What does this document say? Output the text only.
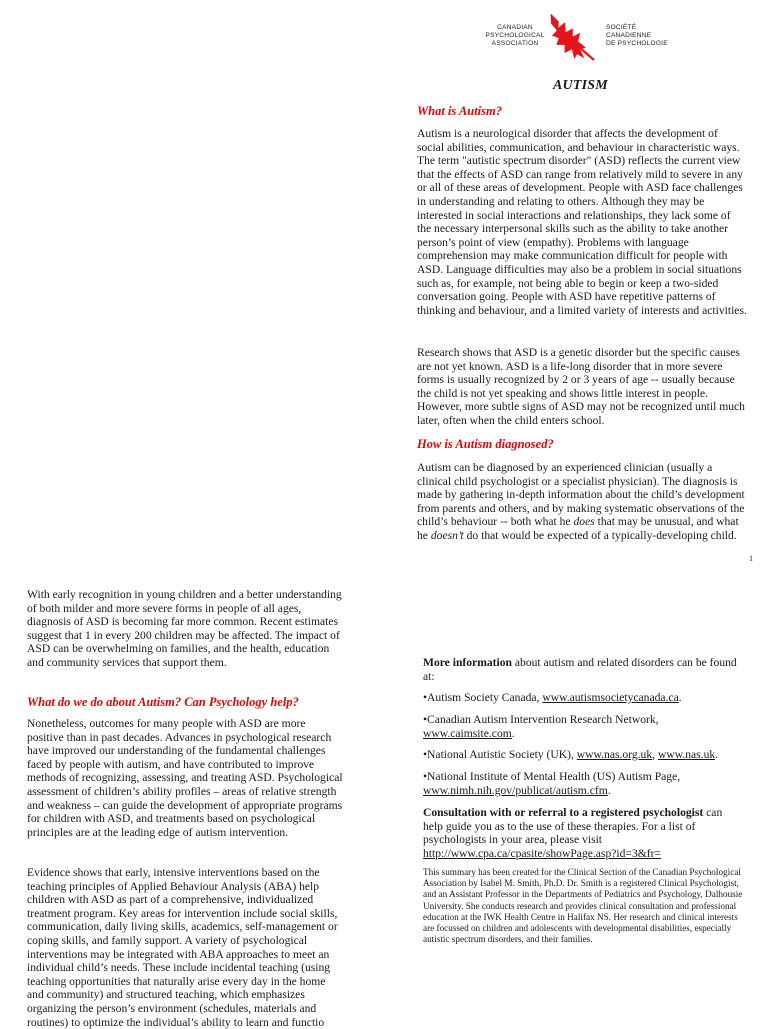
CANADIAN
PSYCHOLOGICAL
ASSOCIATION
SOCIÉTÉ
CANADIENNE
DE PSYCHOLOGIE
AUTISM
What is Autism?

Autism is a neurological disorder that affects the development of social abilities, communication, and behaviour in characteristic ways. The term "autistic spectrum disorder" (ASD) reflects the current view that the effects of ASD can range from relatively mild to severe in any or all of these areas of development. People with ASD face challenges in understanding and relating to others. Although they may be interested in social interactions and relationships, they lack some of the necessary interpersonal skills such as the ability to take another person’s point of view (empathy). Problems with language comprehension may make communication difficult for people with ASD. Language difficulties may also be a problem in social situations such as, for example, not being able to begin or keep a two-sided conversation going. People with ASD have repetitive patterns of thinking and behaviour, and a limited variety of interests and activities.

Research shows that ASD is a genetic disorder but the specific causes are not yet known. ASD is a life-long disorder that in more severe forms is usually recognized by 2 or 3 years of age -- usually because the child is not yet speaking and shows little interest in people. However, more subtle signs of ASD may not be recognized until much later, often when the child enters school.

How is Autism diagnosed?

Autism can be diagnosed by an experienced clinician (usually a clinical child psychologist or a specialist physician). The diagnosis is made by gathering in-depth information about the child’s development from parents and others, and by making systematic observations of the child’s behaviour -- both what he does that may be unusual, and what he doesn’t do that would be expected of a typically-developing child.

1

With early recognition in young children and a better understanding of both milder and more severe forms in people of all ages, diagnosis of ASD is becoming far more common. Recent estimates suggest that 1 in every 200 children may be affected. The impact of ASD can be overwhelming on families, and the health, education and community services that support them.

What do we do about Autism? Can Psychology help?

Nonetheless, outcomes for many people with ASD are more positive than in past decades. Advances in psychological research have improved our understanding of the fundamental challenges faced by people with autism, and have contributed to improve methods of recognizing, assessing, and treating ASD. Psychological assessment of children’s ability profiles – areas of relative strength and weakness – can guide the development of appropriate programs for children with ASD, and treatments based on psychological principles are at the leading edge of autism intervention.

Evidence shows that early, intensive interventions based on the teaching principles of Applied Behaviour Analysis (ABA) help children with ASD as part of a comprehensive, individualized treatment program. Key areas for intervention include social skills, communication, daily living skills, academics, self-management or coping skills, and family support. A variety of psychological interventions may be integrated with ABA approaches to meet an individual child’s needs. These include incidental teaching (using teaching opportunities that naturally arise every day in the home and community) and structured teaching, which emphasizes organizing the person’s environment (schedules, materials and routines) to optimize the individual’s ability to learn and functio

More information about autism and related disorders can be found at:

•Autism Society Canada, www.autismsocietycanada.ca.

•Canadian Autism Intervention Research Network, www.caimsite.com.

•National Autistic Society (UK), www.nas.org.uk, www.nas.uk.

•National Institute of Mental Health (US) Autism Page, www.nimh.nih.gov/publicat/autism.cfm.

Consultation with or referral to a registered psychologist can help guide you as to the use of these therapies. For a list of psychologists in your area, please visit
http://www.cpa.ca/cpasite/showPage.asp?id=3&fr=

This summary has been created for the Clinical Section of the Canadian Psychological Association by Isabel M. Smith, Ph.D. Dr. Smith is a registered Clinical Psychologist, and an Assistant Professor in the Departments of Pediatrics and Psychology, Dalhousie University. She conducts research and provides clinical consultation and professional education at the IWK Health Centre in Halifax NS. Her research and clinical interests are focussed on children and adolescents with developmental disabilities, especially autistic spectrum disorders, and their families.
